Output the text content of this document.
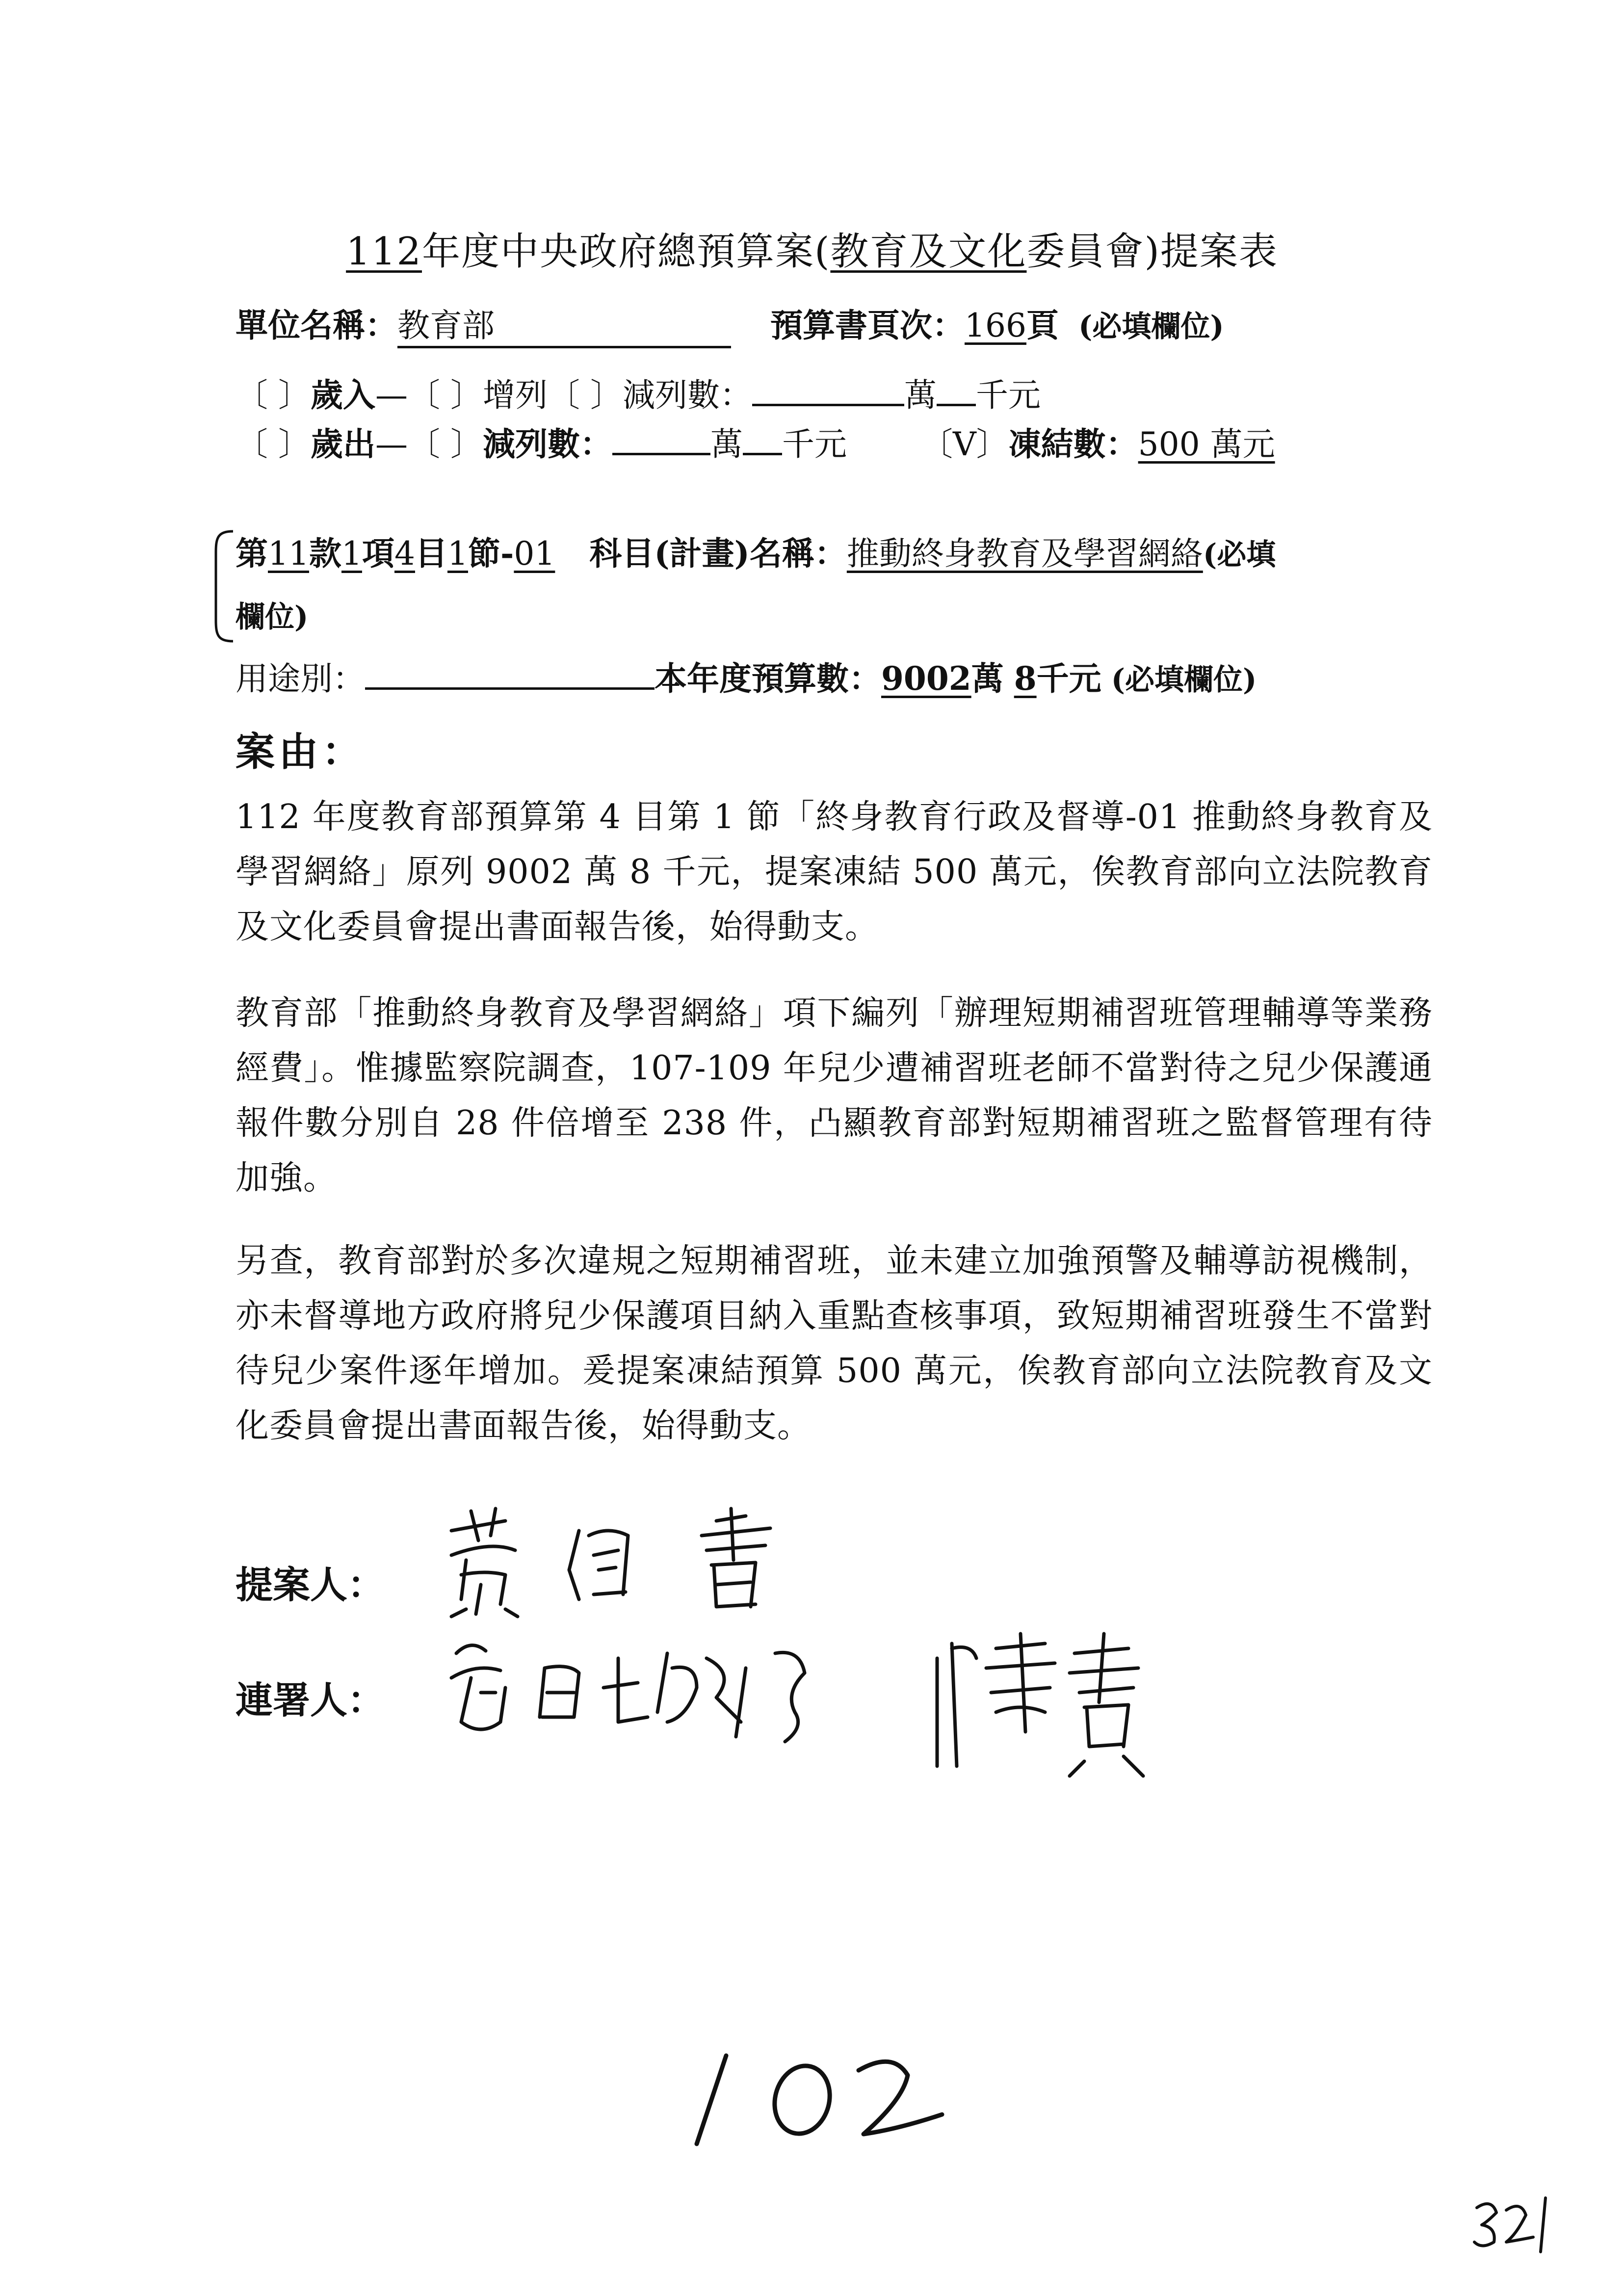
112年度中央政府總預算案(教育及文化委員會)提案表
單位名稱：教育部	預算書頁次：166頁 (必填欄位)
〔 〕歲入—〔 〕增列〔 〕減列數：	萬 千元
〔 〕歲出—〔 〕減列數：	萬 千元 〔V〕凍結數：500 萬元
第11款1項4目1節-01 科目(計畫)名稱：推動終身教育及學習網絡(必填
欄位)
用途別：	本年度預算數：9002萬 8千元 (必填欄位)
案由：
112 年度教育部預算第 4 目第 1 節「終身教育行政及督導-01 推動終身教育及學習網絡」原列 9002 萬 8 千元，提案凍結 500 萬元，俟教育部向立法院教育及文化委員會提出書面報告後，始得動支。
教育部「推動終身教育及學習網絡」項下編列「辦理短期補習班管理輔導等業務經費」。惟據監察院調查，107-109 年兒少遭補習班老師不當對待之兒少保護通報件數分別自 28 件倍增至 238 件，凸顯教育部對短期補習班之監督管理有待加強。
另查，教育部對於多次違規之短期補習班，並未建立加強預警及輔導訪視機制，亦未督導地方政府將兒少保護項目納入重點查核事項，致短期補習班發生不當對待兒少案件逐年增加。爰提案凍結預算 500 萬元，俟教育部向立法院教育及文化委員會提出書面報告後，始得動支。
提案人：
連署人：
